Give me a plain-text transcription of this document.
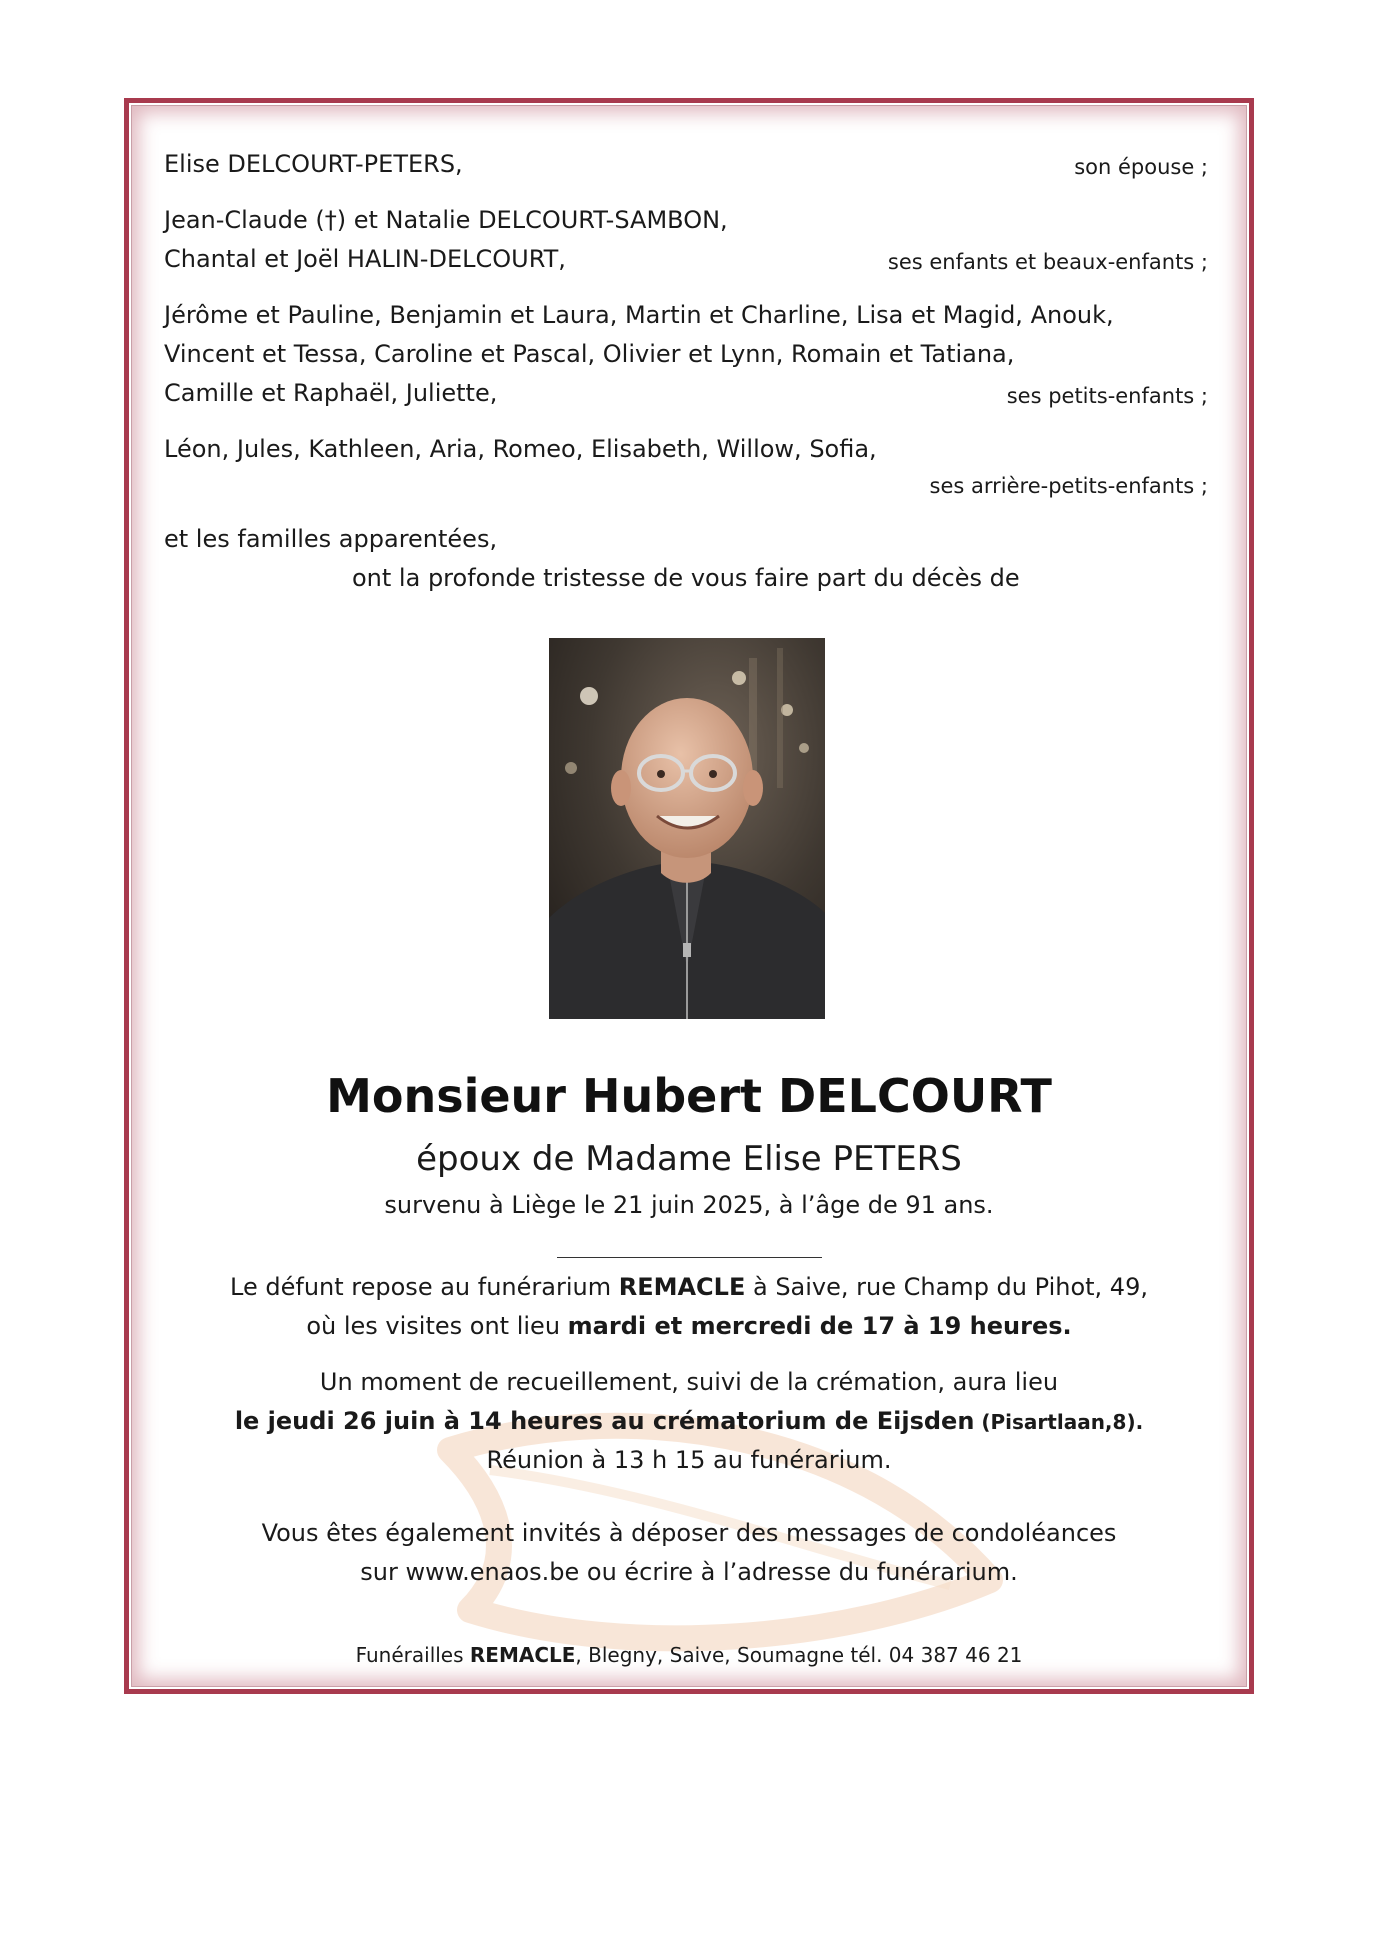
Elise DELCOURT-PETERS,	son épouse ;
Jean-Claude (†) et Natalie DELCOURT-SAMBON,
Chantal et Joël HALIN-DELCOURT,	ses enfants et beaux-enfants ;
Jérôme et Pauline, Benjamin et Laura, Martin et Charline, Lisa et Magid, Anouk,
Vincent et Tessa, Caroline et Pascal, Olivier et Lynn, Romain et Tatiana,
Camille et Raphaël, Juliette,	ses petits-enfants ;
Léon, Jules, Kathleen, Aria, Romeo, Elisabeth, Willow, Sofia,
ses arrière-petits-enfants ;
et les familles apparentées,
ont la profonde tristesse de vous faire part du décès de
Monsieur Hubert DELCOURT
époux de Madame Elise PETERS
survenu à Liège le 21 juin 2025, à l’âge de 91 ans.
Le défunt repose au funérarium REMACLE à Saive, rue Champ du Pihot, 49,
où les visites ont lieu mardi et mercredi de 17 à 19 heures.
Un moment de recueillement, suivi de la crémation, aura lieu
le jeudi 26 juin à 14 heures au crématorium de Eijsden (Pisartlaan,8).
Réunion à 13 h 15 au funérarium.
Vous êtes également invités à déposer des messages de condoléances
sur www.enaos.be ou écrire à l’adresse du funérarium.
Funérailles REMACLE, Blegny, Saive, Soumagne tél. 04 387 46 21
